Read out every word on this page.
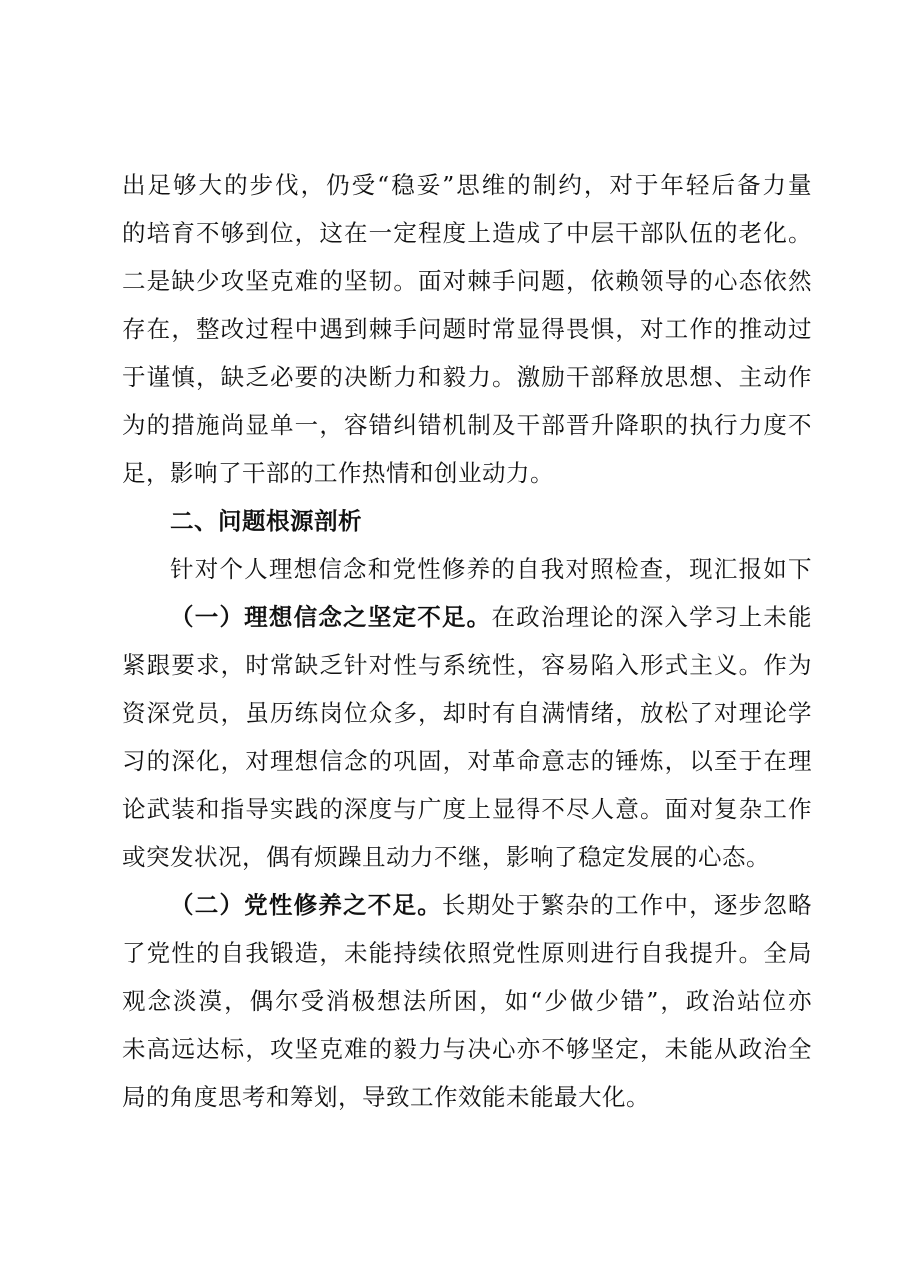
出足够大的步伐，仍受“稳妥”思维的制约，对于年轻后备力量
的培育不够到位，这在一定程度上造成了中层干部队伍的老化。
二是缺少攻坚克难的坚韧。面对棘手问题，依赖领导的心态依然
存在，整改过程中遇到棘手问题时常显得畏惧，对工作的推动过
于谨慎，缺乏必要的决断力和毅力。激励干部释放思想、主动作
为的措施尚显单一，容错纠错机制及干部晋升降职的执行力度不
足，影响了干部的工作热情和创业动力。
二、问题根源剖析
针对个人理想信念和党性修养的自我对照检查，现汇报如下
（一）理想信念之坚定不足。在政治理论的深入学习上未能
紧跟要求，时常缺乏针对性与系统性，容易陷入形式主义。作为
资深党员，虽历练岗位众多，却时有自满情绪，放松了对理论学
习的深化，对理想信念的巩固，对革命意志的锤炼，以至于在理
论武装和指导实践的深度与广度上显得不尽人意。面对复杂工作
或突发状况，偶有烦躁且动力不继，影响了稳定发展的心态。
（二）党性修养之不足。长期处于繁杂的工作中，逐步忽略
了党性的自我锻造，未能持续依照党性原则进行自我提升。全局
观念淡漠，偶尔受消极想法所困，如“少做少错”，政治站位亦
未高远达标，攻坚克难的毅力与决心亦不够坚定，未能从政治全
局的角度思考和筹划，导致工作效能未能最大化。
